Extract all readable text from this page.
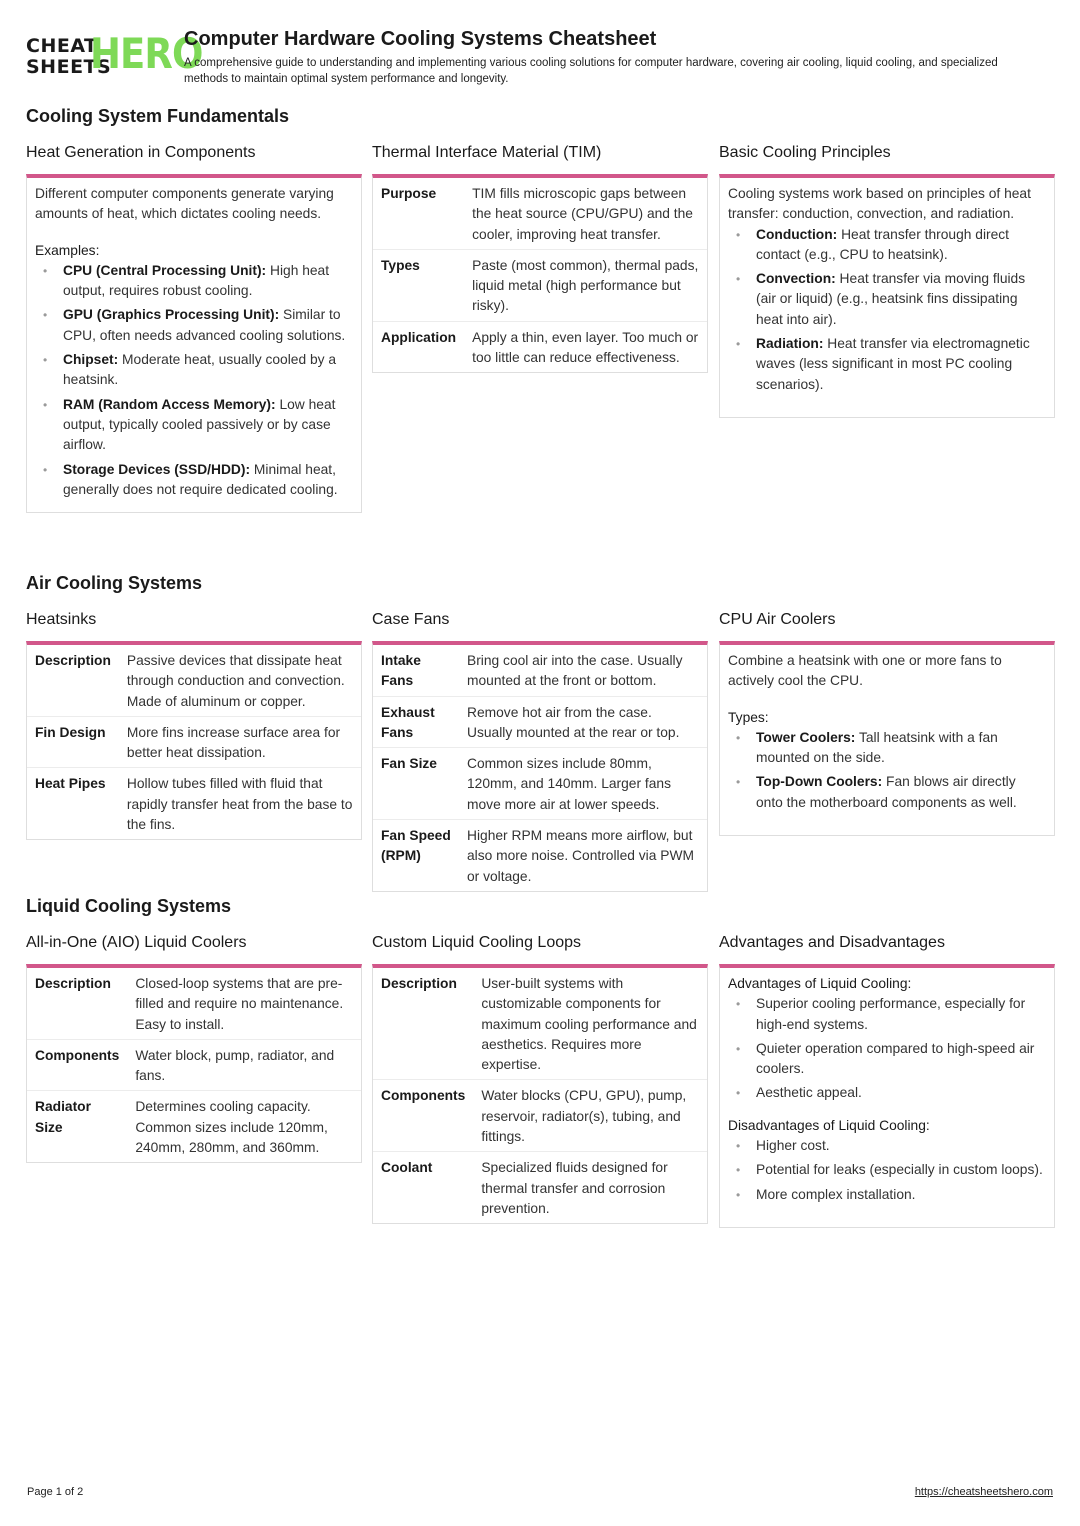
CHEAT
SHEETS
HERO
Computer Hardware Cooling Systems Cheatsheet
A comprehensive guide to understanding and implementing various cooling solutions for computer hardware, covering air cooling, liquid cooling, and specialized methods to maintain optimal system performance and longevity.
Cooling System Fundamentals
Heat Generation in Components

Different computer components generate varying amounts of heat, which dictates cooling needs.

Examples:
• CPU (Central Processing Unit): High heat output, requires robust cooling.
• GPU (Graphics Processing Unit): Similar to CPU, often needs advanced cooling solutions.
• Chipset: Moderate heat, usually cooled by a heatsink.
• RAM (Random Access Memory): Low heat output, typically cooled passively or by case airflow.
• Storage Devices (SSD/HDD): Minimal heat, generally does not require dedicated cooling.
Thermal Interface Material (TIM)
Purpose	TIM fills microscopic gaps between the heat source (CPU/GPU) and the cooler, improving heat transfer.
Types	Paste (most common), thermal pads, liquid metal (high performance but risky).
Application	Apply a thin, even layer. Too much or too little can reduce effectiveness.
Basic Cooling Principles

Cooling systems work based on principles of heat transfer: conduction, convection, and radiation.

• Conduction: Heat transfer through direct contact (e.g., CPU to heatsink).
• Convection: Heat transfer via moving fluids (air or liquid) (e.g., heatsink fins dissipating heat into air).
• Radiation: Heat transfer via electromagnetic waves (less significant in most PC cooling scenarios).
Air Cooling Systems
Heatsinks
Description	Passive devices that dissipate heat through conduction and convection. Made of aluminum or copper.
Fin Design	More fins increase surface area for better heat dissipation.
Heat Pipes	Hollow tubes filled with fluid that rapidly transfer heat from the base to the fins.
Case Fans
Intake Fans	Bring cool air into the case. Usually mounted at the front or bottom.
Exhaust Fans	Remove hot air from the case. Usually mounted at the rear or top.
Fan Size	Common sizes include 80mm, 120mm, and 140mm. Larger fans move more air at lower speeds.
Fan Speed (RPM)	Higher RPM means more airflow, but also more noise. Controlled via PWM or voltage.
CPU Air Coolers

Combine a heatsink with one or more fans to actively cool the CPU.

Types:
• Tower Coolers: Tall heatsink with a fan mounted on the side.
• Top-Down Coolers: Fan blows air directly onto the motherboard components as well.
Liquid Cooling Systems
All-in-One (AIO) Liquid Coolers
Description	Closed-loop systems that are pre-filled and require no maintenance. Easy to install.
Components	Water block, pump, radiator, and fans.
Radiator Size	Determines cooling capacity. Common sizes include 120mm, 240mm, 280mm, and 360mm.
Custom Liquid Cooling Loops
Description	User-built systems with customizable components for maximum cooling performance and aesthetics. Requires more expertise.
Components	Water blocks (CPU, GPU), pump, reservoir, radiator(s), tubing, and fittings.
Coolant	Specialized fluids designed for thermal transfer and corrosion prevention.
Advantages and Disadvantages
Advantages of Liquid Cooling:
• Superior cooling performance, especially for high-end systems.
• Quieter operation compared to high-speed air coolers.
• Aesthetic appeal.
Disadvantages of Liquid Cooling:
• Higher cost.
• Potential for leaks (especially in custom loops).
• More complex installation.
Page 1 of 2	https://cheatsheetshero.com
